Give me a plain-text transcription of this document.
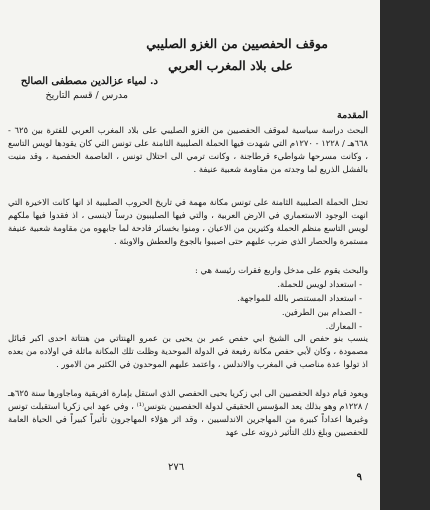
موقف الحفصيين من الغزو الصليبي
على بلاد المغرب العربي
د. لمياء عزالدين مصطفى الصالح
مدرس / قسم التاريخ
المقدمة
البحث دراسة سياسية لموقف الحفصيين من الغزو الصليبي على بلاد المغرب العربي للفترة بين ٦٢٥ - ٦٦٨هـ / ١٢٢٨ - ١٢٧٠م التي شهدت فيها الحملة الصليبية الثامنة على تونس التي كان يقودها لويس التاسع ، وكانت مسرحها شواطيء قرطاجنة ، وكانت ترمي الى احتلال تونس ، العاصمة الحفصية ، وقد منيت بالفشل الذريع لما وجدته من مقاومة شعبية عنيفة .
تحتل الحملة الصليبية الثامنة على تونس مكانة مهمة في تاريخ الحروب الصليبية اذ انها كانت الاخيرة التي انهت الوجود الاستعماري في الارض العربية ، والتي فيها الصليبيون درساً لاينسى ، اذ فقدوا فيها ملكهم لويس التاسع منظم الحملة وكثيرين من الاعيان ، ومنوا بخسائر فادحة لما جابهوه من مقاومة شعبية عنيفة مستمرة والحصار الذي ضرب عليهم حتى اصيبوا بالجوع والعطش والاوبئة .
والبحث يقوم على مدخل واربع فقرات رئيسة هي :
- استعداد لويس للحملة.
- استعداد المستنصر بالله للمواجهة.
- الصدام بين الطرفين.
- المعارك.
ينسب بنو حفص الى الشيخ ابي حفص عمر بن يحيى بن عمرو الهنتاتي من هنتاتة احدى اكبر قبائل مصمودة ، وكان لأبي حفص مكانة رفيعة في الدولة الموحدية وظلت تلك المكانة ماثلة في اولاده من بعده اذ تولوا عدة مناصب في المغرب والاندلس ، واعتمد عليهم الموحدون في الكثير من الامور .
ويعود قيام دولة الحفصيين الى ابي زكريا يحيى الحفصي الذي استقل بإمارة افريقية وماجاورها سنة ٦٢٥هـ / ١٢٢٨م وهو بذلك يعد المؤسس الحقيقي لدولة الحفصيين بتونس⁽¹⁾ ، وفي عهد ابي زكريا استقبلت تونس وغيرها اعداداً كبيرة من المهاجرين الاندلسيين ، وقد اثر هؤلاء المهاجرون تأثيراً كبيراً في الحياة العامة للحفصيين وبلغ ذلك التأثير ذروته على عهد
٢٧٦
٩
